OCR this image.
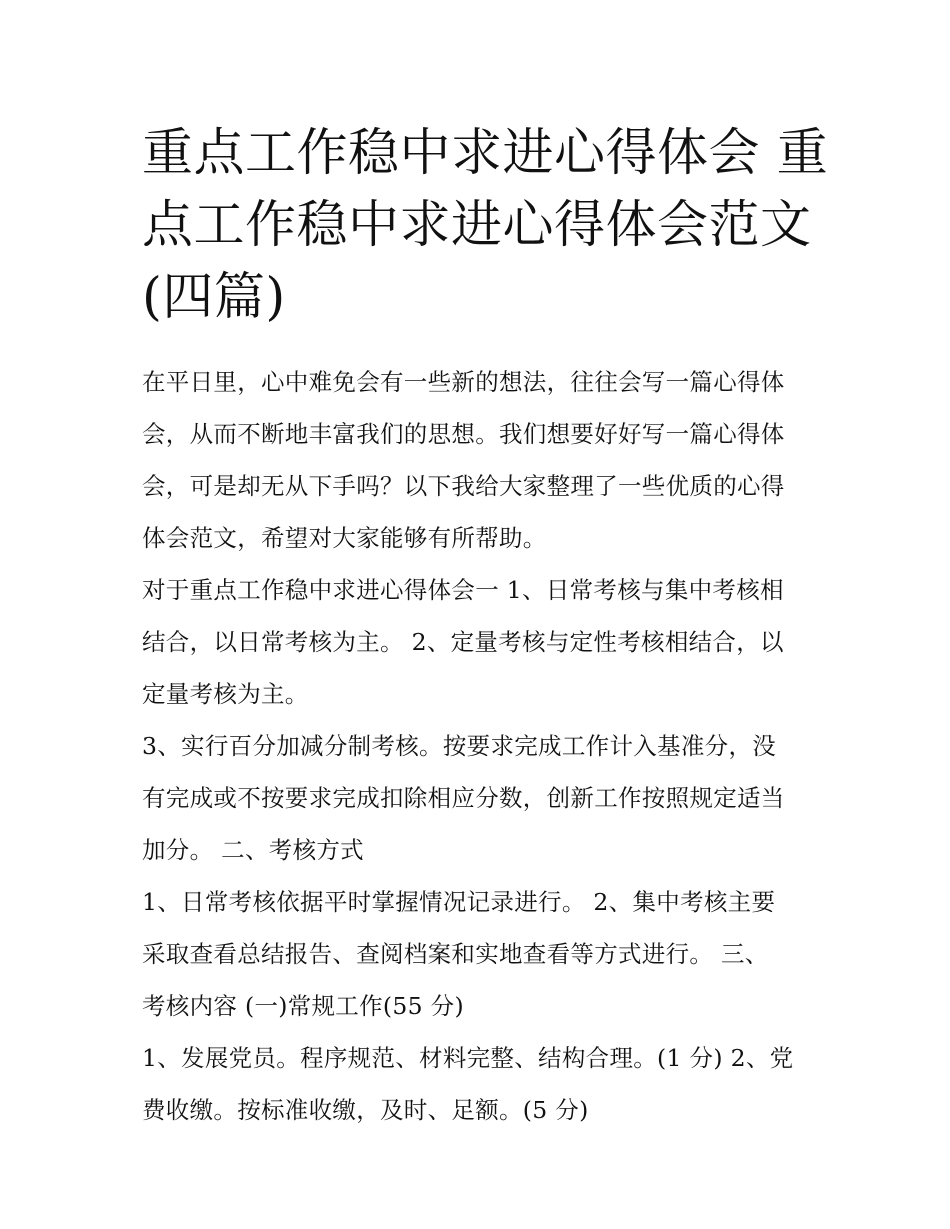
重点工作稳中求进心得体会 重
点工作稳中求进心得体会范文
(四篇)

在平日里，心中难免会有一些新的想法，往往会写一篇心得体
会，从而不断地丰富我们的思想。我们想要好好写一篇心得体
会，可是却无从下手吗？以下我给大家整理了一些优质的心得
体会范文，希望对大家能够有所帮助。

对于重点工作稳中求进心得体会一 1、日常考核与集中考核相
结合，以日常考核为主。 2、定量考核与定性考核相结合，以
定量考核为主。

3、实行百分加减分制考核。按要求完成工作计入基准分，没
有完成或不按要求完成扣除相应分数，创新工作按照规定适当
加分。 二、考核方式

1、日常考核依据平时掌握情况记录进行。 2、集中考核主要
采取查看总结报告、查阅档案和实地查看等方式进行。 三、
考核内容 (一)常规工作(55 分)

1、发展党员。程序规范、材料完整、结构合理。(1 分) 2、党
费收缴。按标准收缴，及时、足额。(5 分)
